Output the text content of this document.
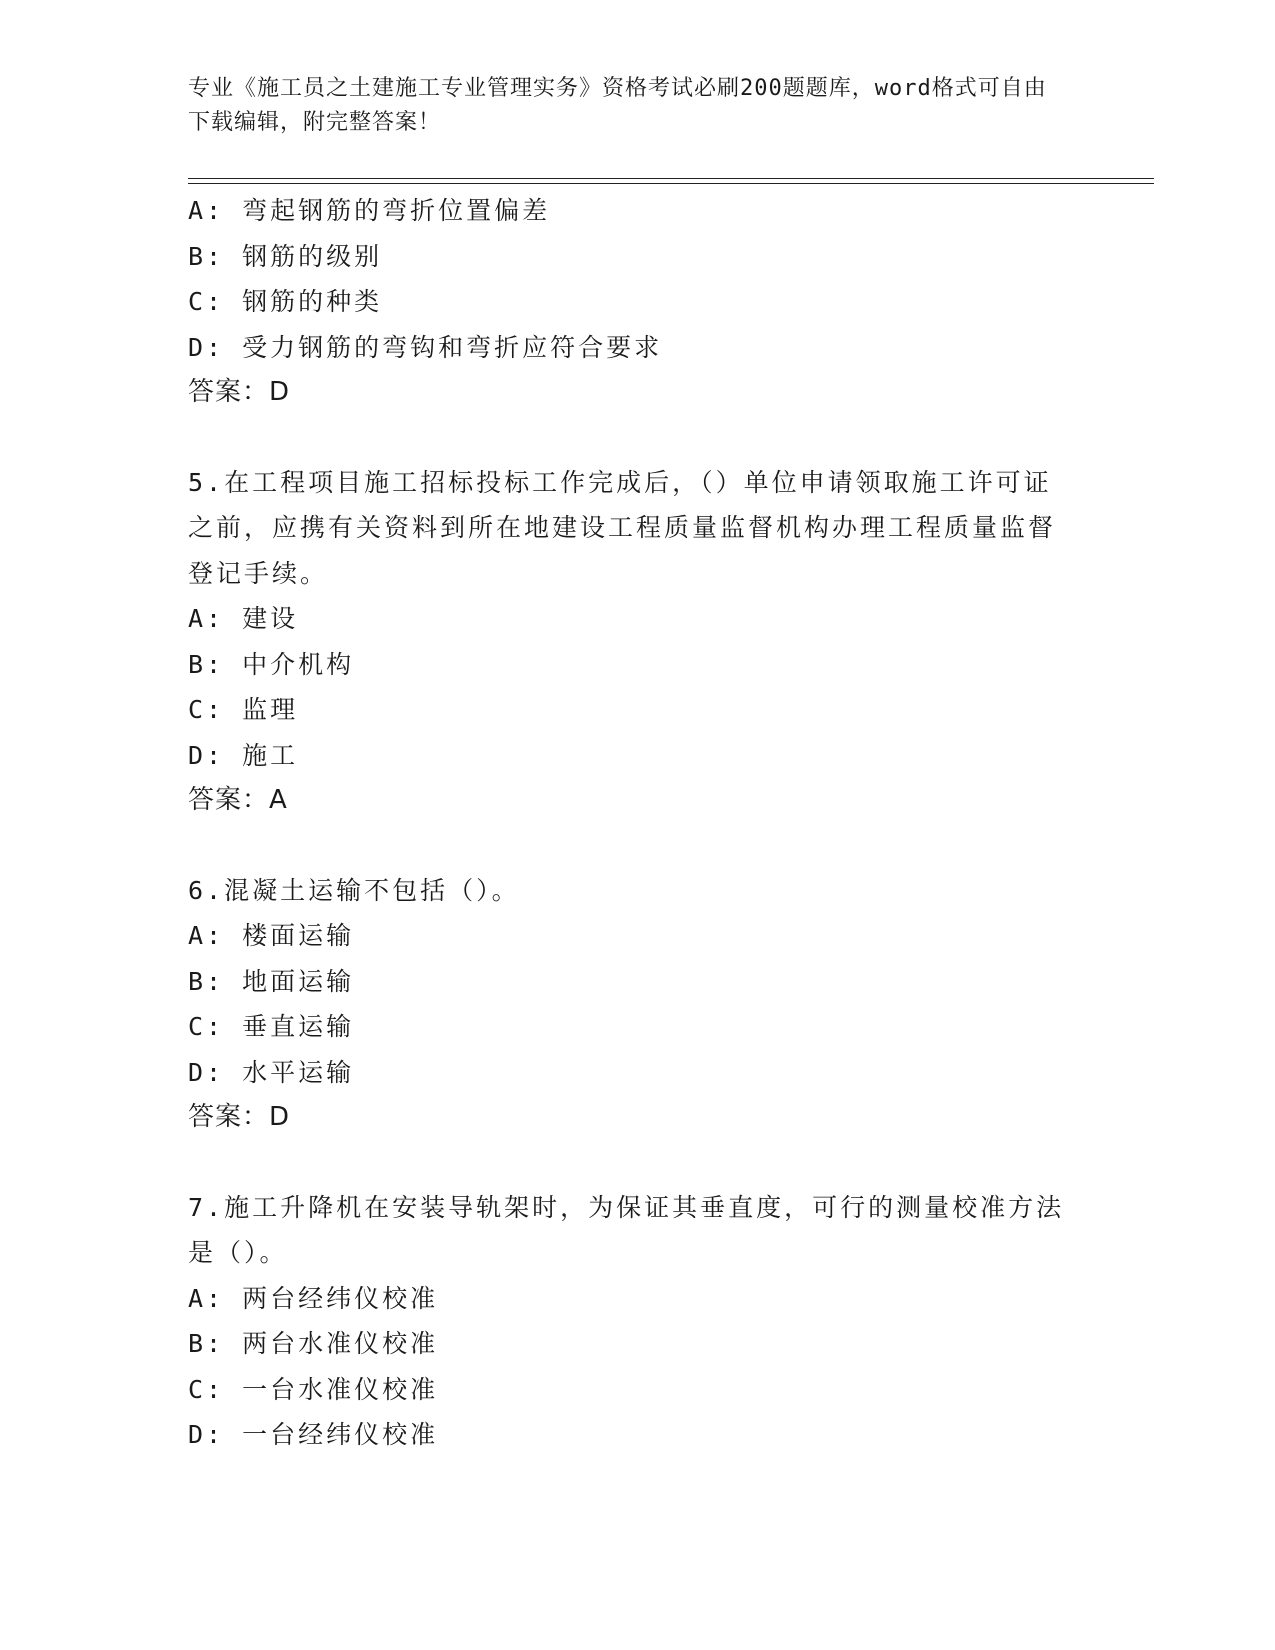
专业《施工员之土建施工专业管理实务》资格考试必刷200题题库，word格式可自由下载编辑，附完整答案！
A: 弯起钢筋的弯折位置偏差
B: 钢筋的级别
C: 钢筋的种类
D: 受力钢筋的弯钩和弯折应符合要求
答案：D
5.在工程项目施工招标投标工作完成后，（）单位申请领取施工许可证之前，应携有关资料到所在地建设工程质量监督机构办理工程质量监督登记手续。
A: 建设
B: 中介机构
C: 监理
D: 施工
答案：A
6.混凝土运输不包括（）。
A: 楼面运输
B: 地面运输
C: 垂直运输
D: 水平运输
答案：D
7.施工升降机在安装导轨架时，为保证其垂直度，可行的测量校准方法是（）。
A: 两台经纬仪校准
B: 两台水准仪校准
C: 一台水准仪校准
D: 一台经纬仪校准
